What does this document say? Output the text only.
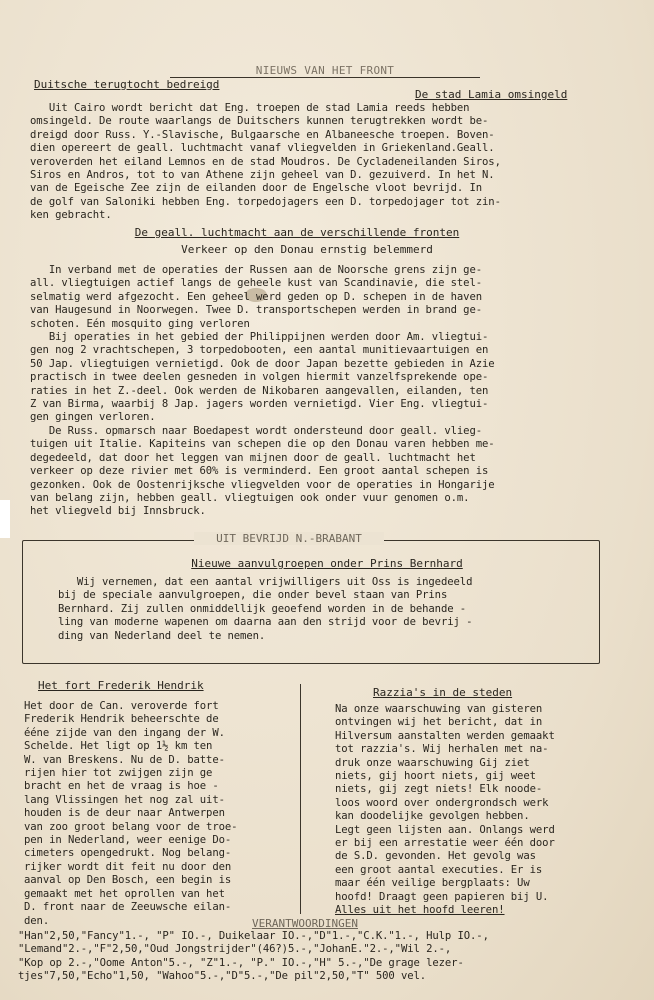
NIEUWS VAN HET FRONT
Duitsche terugtocht bedreigd
De stad Lamia omsingeld
Uit Cairo wordt bericht dat Eng. troepen de stad Lamia reeds hebben
omsingeld. De route waarlangs de Duitschers kunnen terugtrekken wordt be-
dreigd door Russ. Y.-Slavische, Bulgaarsche en Albaneesche troepen. Boven-
dien opereert de geall. luchtmacht vanaf vliegvelden in Griekenland.Geall.
veroverden het eiland Lemnos en de stad Moudros. De Cycladeneilanden Siros,
Siros en Andros, tot to van Athene zijn geheel van D. gezuiverd. In het N.
van de Egeische Zee zijn de eilanden door de Engelsche vloot bevrijd. In
de golf van Saloniki hebben Eng. torpedojagers een D. torpedojager tot zin-
ken gebracht.
De geall. luchtmacht aan de verschillende fronten
Verkeer op den Donau ernstig belemmerd
In verband met de operaties der Russen aan de Noorsche grens zijn ge-
all. vliegtuigen actief langs de geheele kust van Scandinavie, die stel-
selmatig werd afgezocht. Een geheel werd geden op D. schepen in de haven
van Haugesund in Noorwegen. Twee D. transportschepen werden in brand ge-
schoten. Eén mosquito ging verloren
Bij operaties in het gebied der Philippijnen werden door Am. vliegtui-
gen nog 2 vrachtschepen, 3 torpedobooten, een aantal munitievaartuigen en
50 Jap. vliegtuigen vernietigd. Ook de door Japan bezette gebieden in Azie
practisch in twee deelen gesneden in volgen hiermit vanzelfsprekende ope-
raties in het Z.-deel. Ook werden de Nikobaren aangevallen, eilanden, ten
Z van Birma, waarbij 8 Jap. jagers worden vernietigd. Vier Eng. vliegtui-
gen gingen verloren.
De Russ. opmarsch naar Boedapest wordt ondersteund door geall. vlieg-
tuigen uit Italie. Kapiteins van schepen die op den Donau varen hebben me-
degedeeld, dat door het leggen van mijnen door de geall. luchtmacht het
verkeer op deze rivier met 60% is verminderd. Een groot aantal schepen is
gezonken. Ook de Oostenrijksche vliegvelden voor de operaties in Hongarije
van belang zijn, hebben geall. vliegtuigen ook onder vuur genomen o.m.
het vliegveld bij Innsbruck.
UIT BEVRIJD N.-BRABANT
Nieuwe aanvulgroepen onder Prins Bernhard
Wij vernemen, dat een aantal vrijwilligers uit Oss is ingedeeld
bij de speciale aanvulgroepen, die onder bevel staan van Prins
Bernhard. Zij zullen onmiddellijk geoefend worden in de behande -
ling van moderne wapenen om daarna aan den strijd voor de bevrij -
ding van Nederland deel te nemen.
Het fort Frederik Hendrik
Razzia's in de steden
Het door de Can. veroverde fort
Frederik Hendrik beheerschte de
ééne zijde van den ingang der W.
Schelde. Het ligt op 1½ km ten
W. van Breskens. Nu de D. batte-
rijen hier tot zwijgen zijn ge
bracht en het de vraag is hoe -
lang Vlissingen het nog zal uit-
houden is de deur naar Antwerpen
van zoo groot belang voor de troe-
pen in Nederland, weer eenige Do-
cimeters opengedrukt. Nog belang-
rijker wordt dit feit nu door den
aanval op Den Bosch, een begin is
gemaakt met het oprollen van het
D. front naar de Zeeuwsche eilan-
den.
Na onze waarschuwing van gisteren
ontvingen wij het bericht, dat in
Hilversum aanstalten werden gemaakt
tot razzia's. Wij herhalen met na-
druk onze waarschuwing Gij ziet
niets, gij hoort niets, gij weet
niets, gij zegt niets! Elk noode-
loos woord over ondergrondsch werk
kan doodelijke gevolgen hebben.
Legt geen lijsten aan. Onlangs werd
er bij een arrestatie weer één door
de S.D. gevonden. Het gevolg was
een groot aantal executies. Er is
maar één veilige bergplaats: Uw
hoofd! Draagt geen papieren bij U.
Alles uit het hoofd leeren!
VERANTWOORDINGEN
"Han"2,50,"Fancy"1.-, "P" IO.-, Duikelaar IO.-,"D"1.-,"C.K."1.-, Hulp IO.-,
"Lemand"2.-,"F"2,50,"Oud Jongstrijder"(46?)5.-,"JohanE."2.-,"Wil 2.-,
"Kop op 2.-,"Oome Anton"5.-, "Z"1.-, "P." IO.-,"H" 5.-,"De grage lezer-
tjes"7,50,"Echo"1,50, "Wahoo"5.-,"D"5.-,"De pil"2,50,"T" 500 vel.
